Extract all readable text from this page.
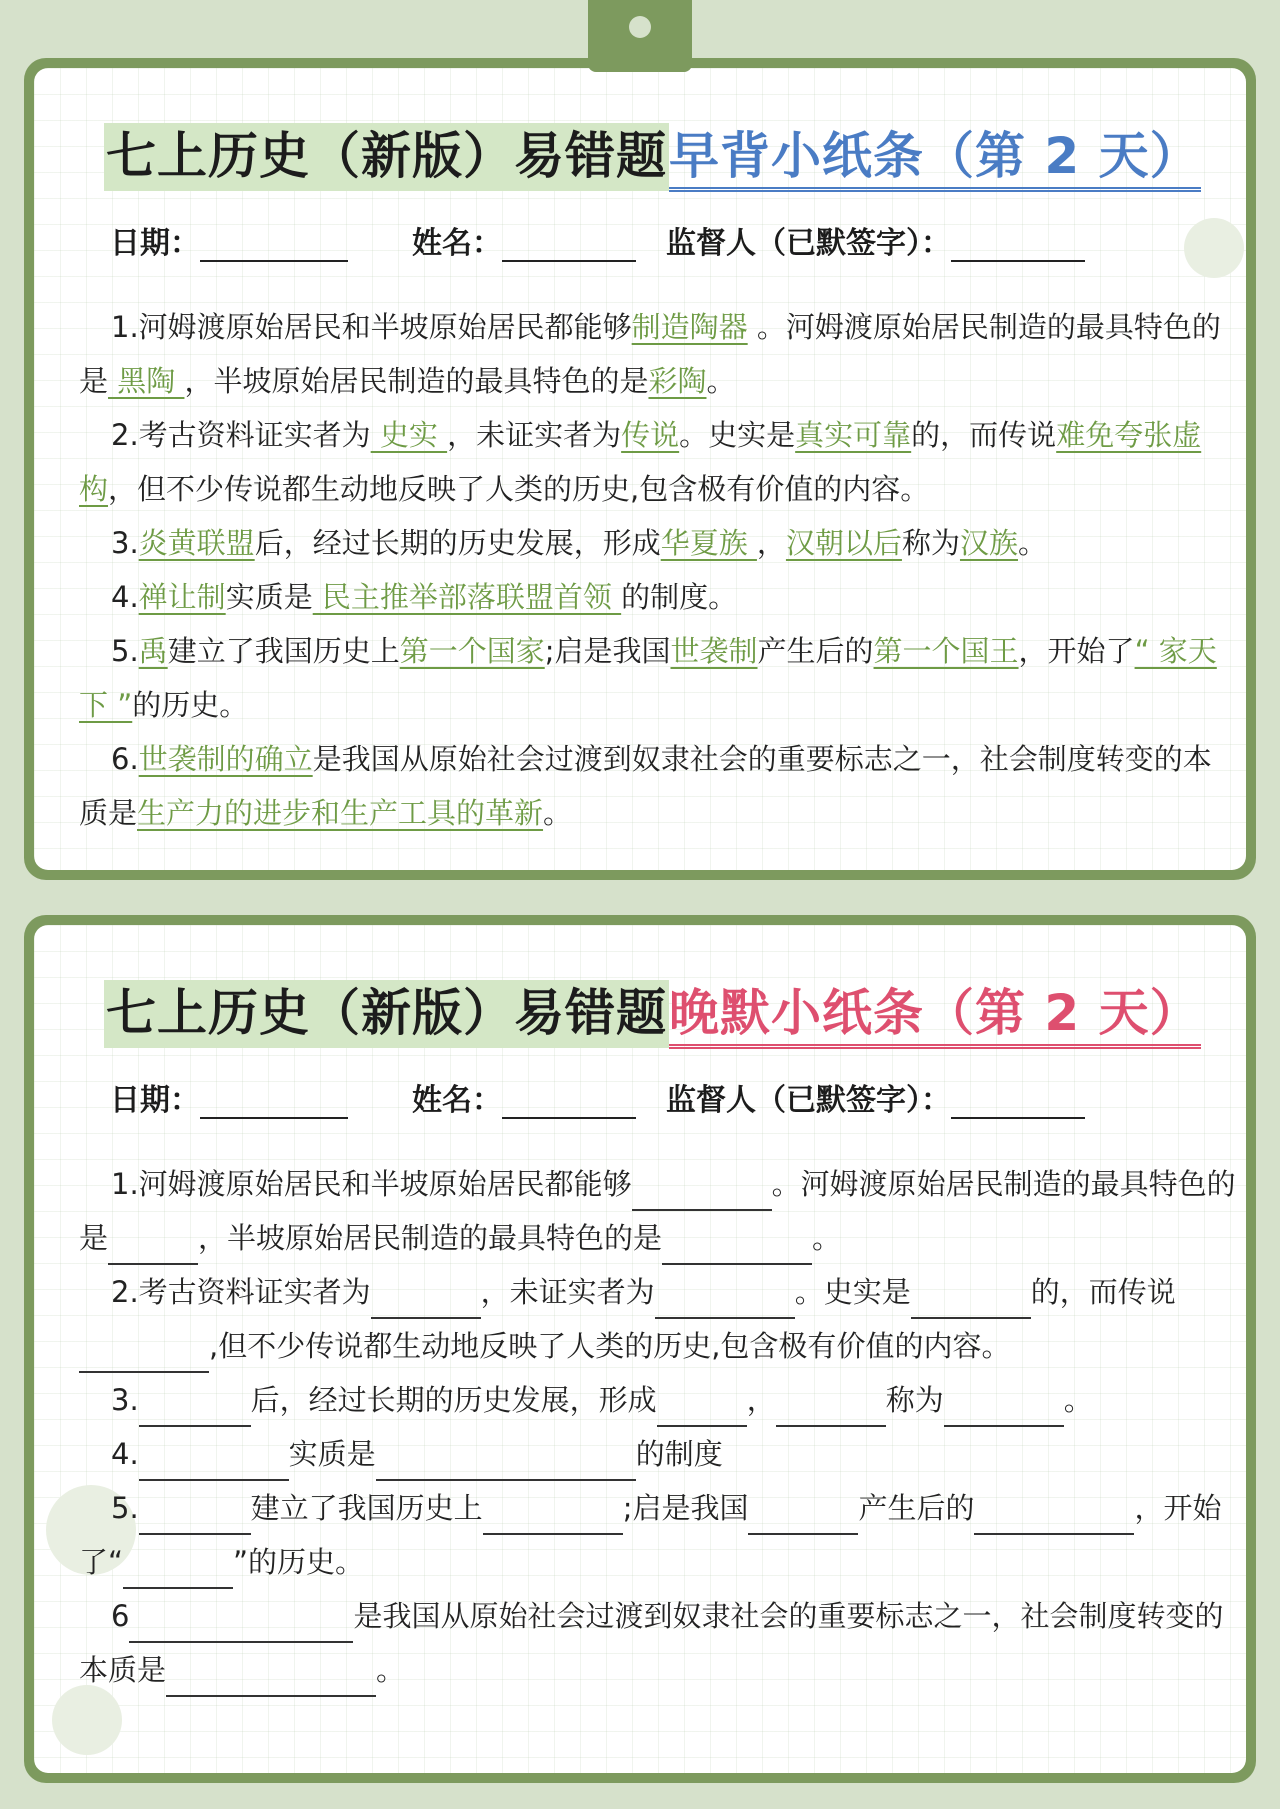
七上历史（新版）易错题早背小纸条（第 2 天）
日期：	姓名：	监督人（已默签字）：

1.河姆渡原始居民和半坡原始居民都能够制造陶器 。河姆渡原始居民制造的最具特色的是 黑陶 ，半坡原始居民制造的最具特色的是彩陶。

2.考古资料证实者为 史实 ，未证实者为传说。史实是真实可靠的，而传说难免夸张虚构，但不少传说都生动地反映了人类的历史,包含极有价值的内容。

3.炎黄联盟后，经过长期的历史发展，形成华夏族 ，汉朝以后称为汉族。

4.禅让制实质是 民主推举部落联盟首领 的制度。

5.禹建立了我国历史上第一个国家;启是我国世袭制产生后的第一个国王，开始了“ 家天下 ”的历史。

6.世袭制的确立是我国从原始社会过渡到奴隶社会的重要标志之一，社会制度转变的本质是生产力的进步和生产工具的革新。

七上历史（新版）易错题晚默小纸条（第 2 天）
日期：	姓名：	监督人（已默签字）：

1.河姆渡原始居民和半坡原始居民都能够	。河姆渡原始居民制造的最具特色的是	，半坡原始居民制造的最具特色的是	。

2.考古资料证实者为	，未证实者为	。史实是	的，而传说,但不少传说都生动地反映了人类的历史,包含极有价值的内容。

3.	后，经过长期的历史发展，形成	，	称为	。

4.	实质是	的制度

5.	建立了我国历史上	;启是我国	产生后的	，开始了“	”的历史。

6	是我国从原始社会过渡到奴隶社会的重要标志之一，社会制度转变的本质是	。
